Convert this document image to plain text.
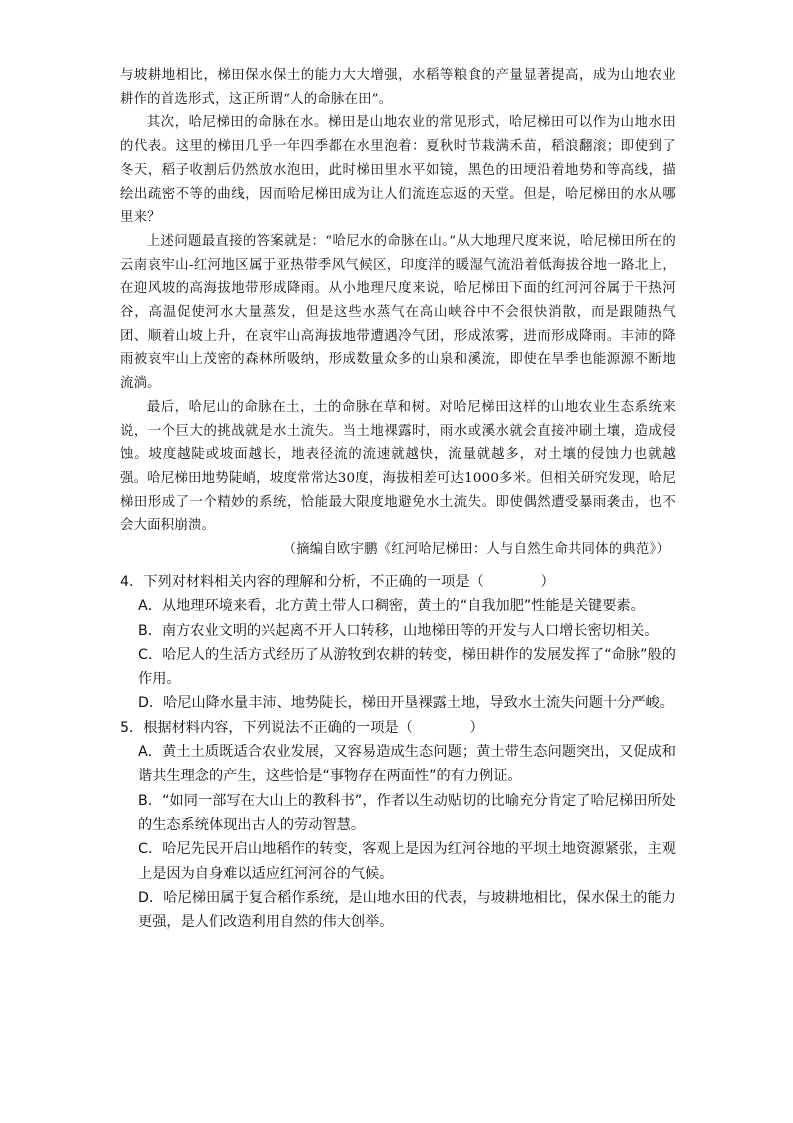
与坡耕地相比，梯田保水保土的能力大大增强，水稻等粮食的产量显著提高，成为山地农业耕作的首选形式，这正所谓“人的命脉在田”。

其次，哈尼梯田的命脉在水。梯田是山地农业的常见形式，哈尼梯田可以作为山地水田的代表。这里的梯田几乎一年四季都在水里泡着：夏秋时节栽满禾苗，稻浪翻滚；即使到了冬天，稻子收割后仍然放水泡田，此时梯田里水平如镜，黑色的田埂沿着地势和等高线，描绘出疏密不等的曲线，因而哈尼梯田成为让人们流连忘返的天堂。但是，哈尼梯田的水从哪里来？

上述问题最直接的答案就是：“哈尼水的命脉在山。”从大地理尺度来说，哈尼梯田所在的云南哀牢山-红河地区属于亚热带季风气候区，印度洋的暖湿气流沿着低海拔谷地一路北上，在迎风坡的高海拔地带形成降雨。从小地理尺度来说，哈尼梯田下面的红河河谷属于干热河谷，高温促使河水大量蒸发，但是这些水蒸气在高山峡谷中不会很快消散，而是跟随热气团、顺着山坡上升，在哀牢山高海拔地带遭遇冷气团，形成浓雾，进而形成降雨。丰沛的降雨被哀牢山上茂密的森林所吸纳，形成数量众多的山泉和溪流，即使在旱季也能源源不断地流淌。

最后，哈尼山的命脉在土，土的命脉在草和树。对哈尼梯田这样的山地农业生态系统来说，一个巨大的挑战就是水土流失。当土地裸露时，雨水或溪水就会直接冲刷土壤，造成侵蚀。坡度越陡或坡面越长，地表径流的流速就越快，流量就越多，对土壤的侵蚀力也就越强。哈尼梯田地势陡峭，坡度常常达30度，海拔相差可达1000多米。但相关研究发现，哈尼梯田形成了一个精妙的系统，恰能最大限度地避免水土流失。即使偶然遭受暴雨袭击，也不会大面积崩溃。

（摘编自欧宇鹏《红河哈尼梯田：人与自然生命共同体的典范》）

4．下列对材料相关内容的理解和分析，不正确的一项是（　　　　）

A．从地理环境来看，北方黄土带人口稠密，黄土的“自我加肥”性能是关键要素。

B．南方农业文明的兴起离不开人口转移，山地梯田等的开发与人口增长密切相关。

C．哈尼人的生活方式经历了从游牧到农耕的转变，梯田耕作的发展发挥了“命脉”般的作用。

D．哈尼山降水量丰沛、地势陡长，梯田开垦裸露土地，导致水土流失问题十分严峻。

5．根据材料内容，下列说法不正确的一项是（　　　　）

A．黄土土质既适合农业发展，又容易造成生态问题；黄土带生态问题突出，又促成和谐共生理念的产生，这些恰是“事物存在两面性”的有力例证。

B．“如同一部写在大山上的教科书”，作者以生动贴切的比喻充分肯定了哈尼梯田所处的生态系统体现出古人的劳动智慧。

C．哈尼先民开启山地稻作的转变，客观上是因为红河谷地的平坝土地资源紧张，主观上是因为自身难以适应红河河谷的气候。

D．哈尼梯田属于复合稻作系统，是山地水田的代表，与坡耕地相比，保水保土的能力更强，是人们改造利用自然的伟大创举。
